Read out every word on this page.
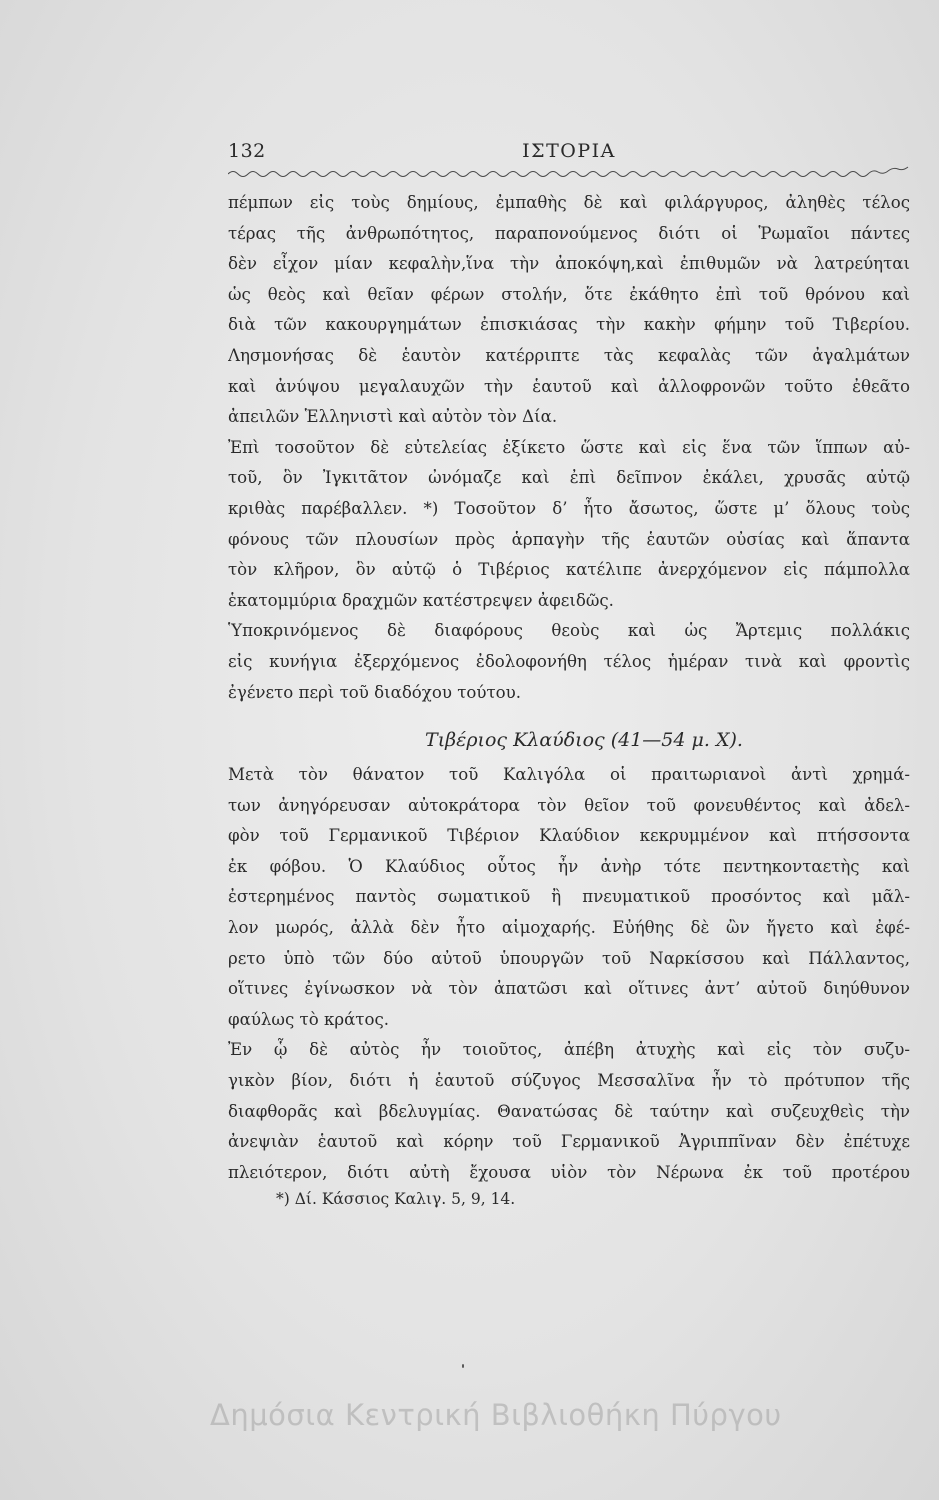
132	ΙΣΤΟΡΙΑ
πέμπων εἰς τοὺς δημίους, ἐμπαθὴς δὲ καὶ φιλάργυρος, ἀληθὲς τέλος
τέρας τῆς ἀνθρωπότητος, παραπονούμενος διότι οἱ Ῥωμαῖοι πάντες
δὲν εἶχον μίαν κεφαλὴν,ἵνα τὴν ἀποκόψη,καὶ ἐπιθυμῶν νὰ λατρεύηται
ὡς θεὸς καὶ θεῖαν φέρων στολήν, ὅτε ἐκάθητο ἐπὶ τοῦ θρόνου καὶ
διὰ τῶν κακουργημάτων ἐπισκιάσας τὴν κακὴν φήμην τοῦ Τιβερίου.
Λησμονήσας δὲ ἑαυτὸν κατέρριπτε τὰς κεφαλὰς τῶν ἀγαλμάτων
καὶ ἀνύψου μεγαλαυχῶν τὴν ἑαυτοῦ καὶ ἀλλοφρονῶν τοῦτο ἐθεᾶτο
ἀπειλῶν Ἑλληνιστὶ καὶ αὐτὸν τὸν Δία.
Ἐπὶ τοσοῦτον δὲ εὐτελείας ἐξίκετο ὥστε καὶ εἰς ἕνα τῶν ἵππων αὐ-
τοῦ, ὃν Ἰγκιτᾶτον ὠνόμαζε καὶ ἐπὶ δεῖπνον ἐκάλει, χρυσᾶς αὐτῷ
κριθὰς παρέβαλλεν. *) Τοσοῦτον δ’ ἦτο ἄσωτος, ὥστε μ’ ὅλους τοὺς
φόνους τῶν πλουσίων πρὸς ἁρπαγὴν τῆς ἑαυτῶν οὐσίας καὶ ἅπαντα
τὸν κλῆρον, ὃν αὐτῷ ὁ Τιβέριος κατέλιπε ἀνερχόμενον εἰς πάμπολλα
ἑκατομμύρια δραχμῶν κατέστρεψεν ἀφειδῶς.
Ὑποκρινόμενος δὲ διαφόρους θεοὺς καὶ ὡς Ἄρτεμις πολλάκις
εἰς κυνήγια ἐξερχόμενος ἐδολοφονήθη τέλος ἡμέραν τινὰ καὶ φροντὶς
ἐγένετο περὶ τοῦ διαδόχου τούτου.
Τιβέριος Κλαύδιος (41—54 μ. Χ).
Μετὰ τὸν θάνατον τοῦ Καλιγόλα οἱ πραιτωριανοὶ ἀντὶ χρημά-
των ἀνηγόρευσαν αὐτοκράτορα τὸν θεῖον τοῦ φονευθέντος καὶ ἀδελ-
φὸν τοῦ Γερμανικοῦ Τιβέριον Κλαύδιον κεκρυμμένον καὶ πτήσσοντα
ἐκ φόβου. Ὁ Κλαύδιος οὗτος ἦν ἀνὴρ τότε πεντηκονταετὴς καὶ
ἐστερημένος παντὸς σωματικοῦ ἢ πνευματικοῦ προσόντος καὶ μᾶλ-
λον μωρός, ἀλλὰ δὲν ἦτο αἱμοχαρής. Εὐήθης δὲ ὢν ἤγετο καὶ ἐφέ-
ρετο ὑπὸ τῶν δύο αὐτοῦ ὑπουργῶν τοῦ Ναρκίσσου καὶ Πάλλαντος,
οἵτινες ἐγίνωσκον νὰ τὸν ἀπατῶσι καὶ οἵτινες ἀντ’ αὐτοῦ διηύθυνον
φαύλως τὸ κράτος.
Ἐν ᾧ δὲ αὐτὸς ἦν τοιοῦτος, ἀπέβη ἀτυχὴς καὶ εἰς τὸν συζυ-
γικὸν βίον, διότι ἡ ἑαυτοῦ σύζυγος Μεσσαλῖνα ἦν τὸ πρότυπον τῆς
διαφθορᾶς καὶ βδελυγμίας. Θανατώσας δὲ ταύτην καὶ συζευχθεὶς τὴν
ἀνεψιὰν ἑαυτοῦ καὶ κόρην τοῦ Γερμανικοῦ Ἀγριππῖναν δὲν ἐπέτυχε
πλειότερον, διότι αὐτὴ ἔχουσα υἱὸν τὸν Νέρωνα ἐκ τοῦ προτέρου
*) Δί. Κάσσιος Καλιγ. 5, 9, 14.
Δημόσια Κεντρική Βιβλιοθήκη Πύργου
